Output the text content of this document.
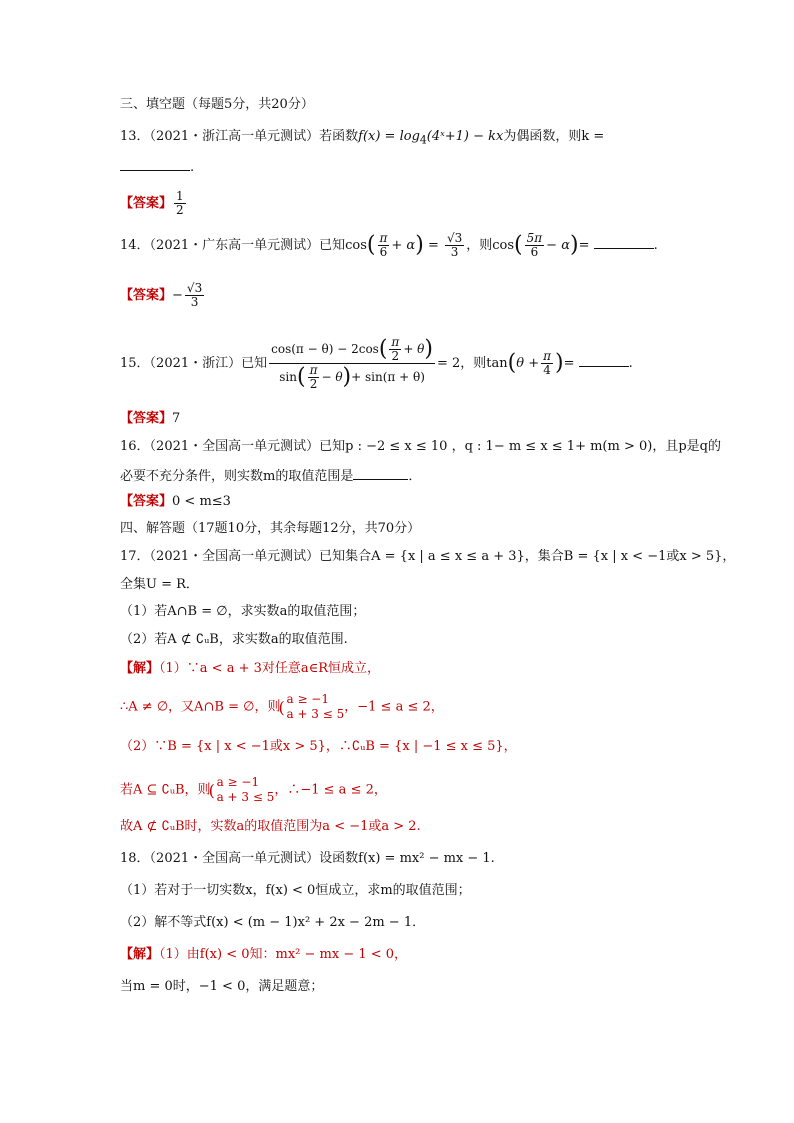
三、填空题（每题5分，共20分）
13．（2021・浙江高一单元测试）若函数$f(x) = \log_4(4ˣ+1)$ − kx为偶函数，则k =
.
【答案】 $\frac{1}{2}$
14．（2021・广东高一单元测试）已知$\cos( \frac{\pi}{6} + \alpha) = \frac{√3}{3}$ ，则$\cos( \frac{5\pi}{6} - \alpha)=$	.
【答案】− $\frac{√3}{3}$
15．（2021・浙江）已知 $\frac{\cos(\pi - \theta) - 2\cos( \frac{\pi}{2} + \theta)}{\sin( \frac{\pi}{2} - \theta)+ \sin(\pi + \theta)} = 2$，则$\tan(\theta + \frac{\pi}{4}$ )=	.
【答案】7
16．（2021・全国高一单元测试）已知p : −2 ≤ x ≤ 10 ，q : 1− m ≤ x ≤ 1+ m(m > 0)，且p是q的
必要不充分条件，则实数m的取值范围是	．
【答案】0 < m≤3
四、解答题（17题10分，其余每题12分，共70分）
17．（2021・全国高一单元测试）已知集合A = {x | a ≤ x ≤ a + 3}，集合B = {x | x < −1或x > 5}，
全集U = R．
（1）若A∩B = ∅，求实数a的取值范围；
（2）若A ⊄ ∁ᵤB，求实数a的取值范围.
【解】（1）∵a < a + 3对任意a∈R恒成立，
∴A ≠ ∅，又A∩B = ∅，则
( a ≥ −1
a + 3 ≤ 5 ，−1 ≤ a ≤ 2，
（2）∵B = {x | x < −1或x > 5}，∴∁ᵤB = {x | −1 ≤ x ≤ 5}，
若A ⊆ ∁ᵤB，则
( a ≥ −1
a + 3 ≤ 5 ，∴−1 ≤ a ≤ 2，
故A ⊄ ∁ᵤB时，实数a的取值范围为a < −1或a > 2.
18．（2021・全国高一单元测试）设函数f(x) = mx² − mx − 1.
（1）若对于一切实数x，f(x) < 0恒成立，求m的取值范围；
（2）解不等式f(x) < (m − 1)x² + 2x − 2m − 1．
【解】（1）由f(x) < 0知：mx² − mx − 1 < 0，
当m = 0时，−1 < 0，满足题意；
